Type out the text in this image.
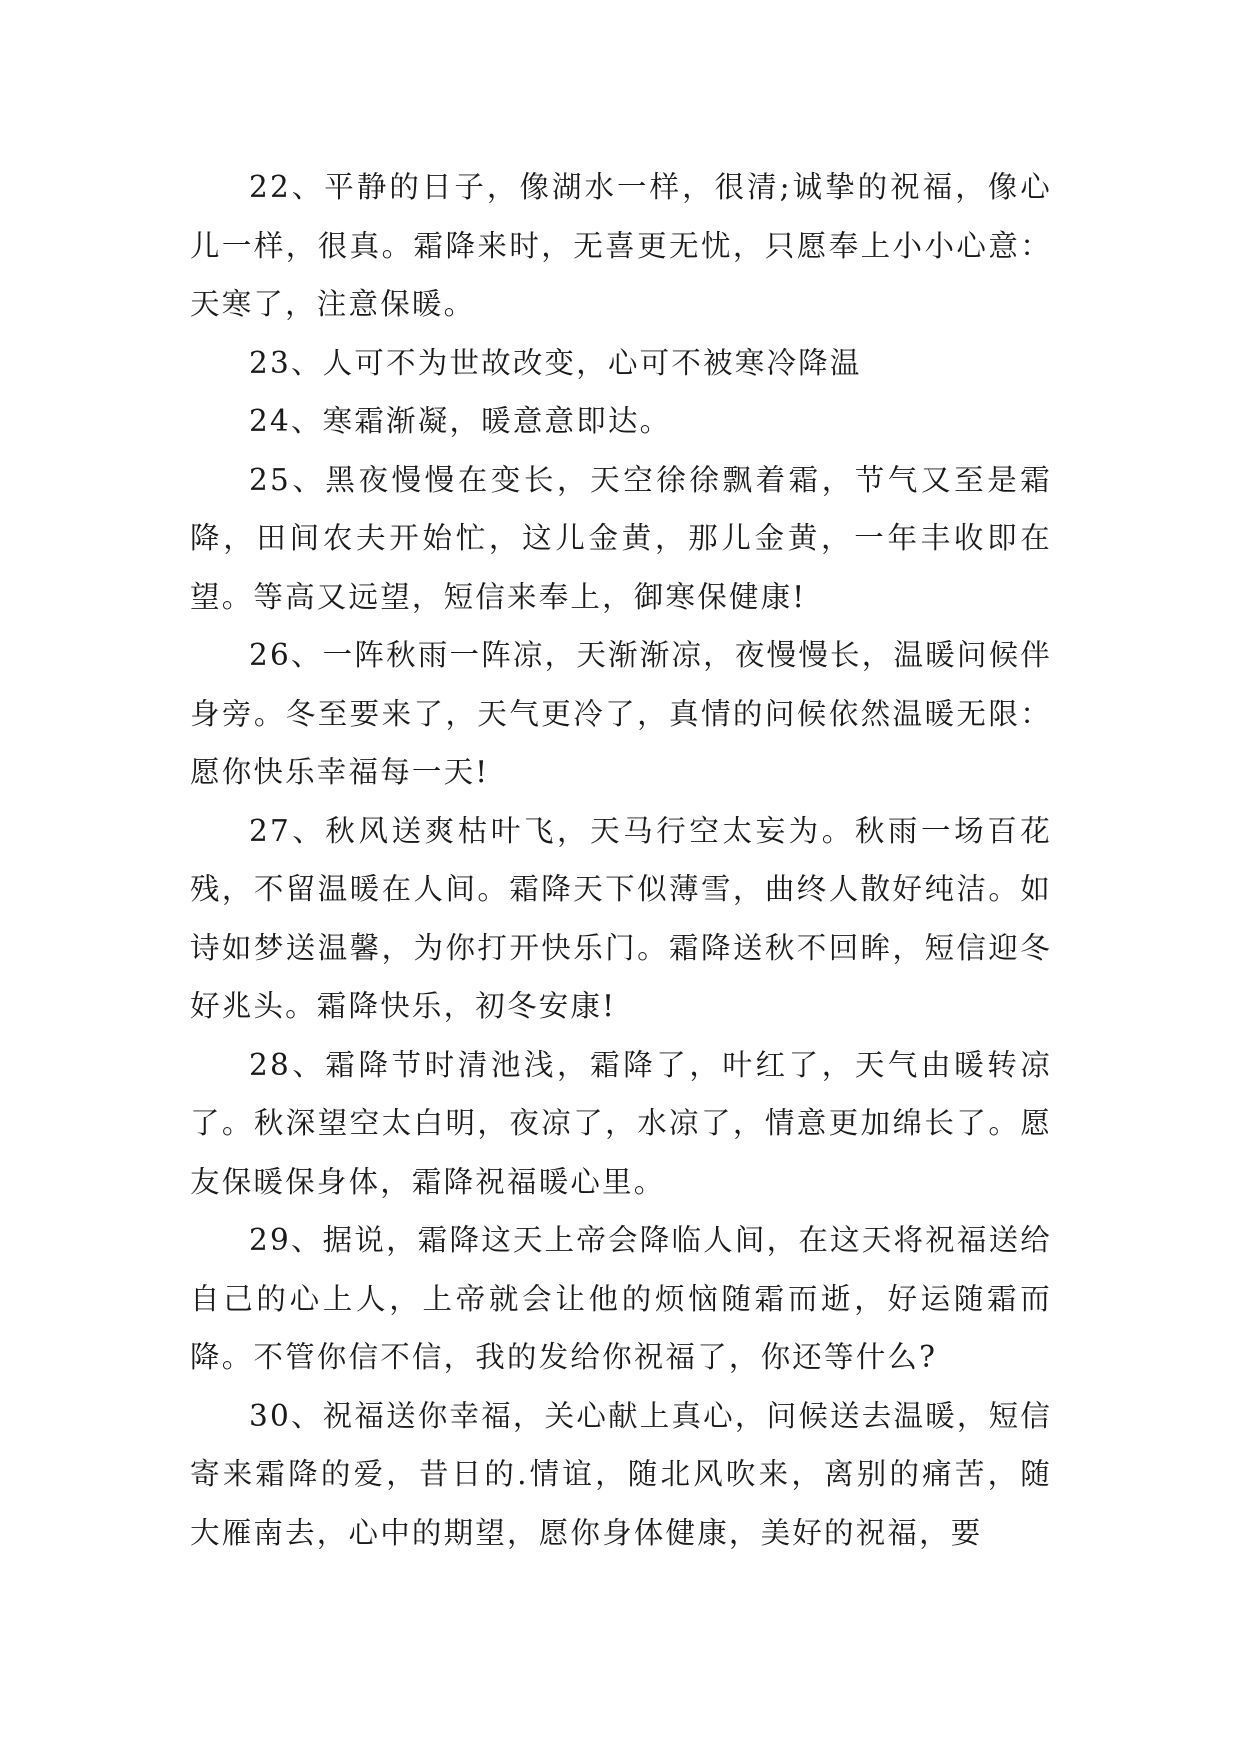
22、平静的日子，像湖水一样，很清;诚挚的祝福，像心儿一样，很真。霜降来时，无喜更无忧，只愿奉上小小心意：天寒了，注意保暖。

23、人可不为世故改变，心可不被寒冷降温

24、寒霜渐凝，暖意意即达。

25、黑夜慢慢在变长，天空徐徐飘着霜，节气又至是霜降，田间农夫开始忙，这儿金黄，那儿金黄，一年丰收即在望。等高又远望，短信来奉上，御寒保健康!

26、一阵秋雨一阵凉，天渐渐凉，夜慢慢长，温暖问候伴身旁。冬至要来了，天气更冷了，真情的问候依然温暖无限：愿你快乐幸福每一天!

27、秋风送爽枯叶飞，天马行空太妄为。秋雨一场百花残，不留温暖在人间。霜降天下似薄雪，曲终人散好纯洁。如诗如梦送温馨，为你打开快乐门。霜降送秋不回眸，短信迎冬好兆头。霜降快乐，初冬安康!

28、霜降节时清池浅，霜降了，叶红了，天气由暖转凉了。秋深望空太白明，夜凉了，水凉了，情意更加绵长了。愿友保暖保身体，霜降祝福暖心里。

29、据说，霜降这天上帝会降临人间，在这天将祝福送给自己的心上人，上帝就会让他的烦恼随霜而逝，好运随霜而降。不管你信不信，我的发给你祝福了，你还等什么?

30、祝福送你幸福，关心献上真心，问候送去温暖，短信寄来霜降的爱，昔日的.情谊，随北风吹来，离别的痛苦，随大雁南去，心中的期望，愿你身体健康，美好的祝福，要
